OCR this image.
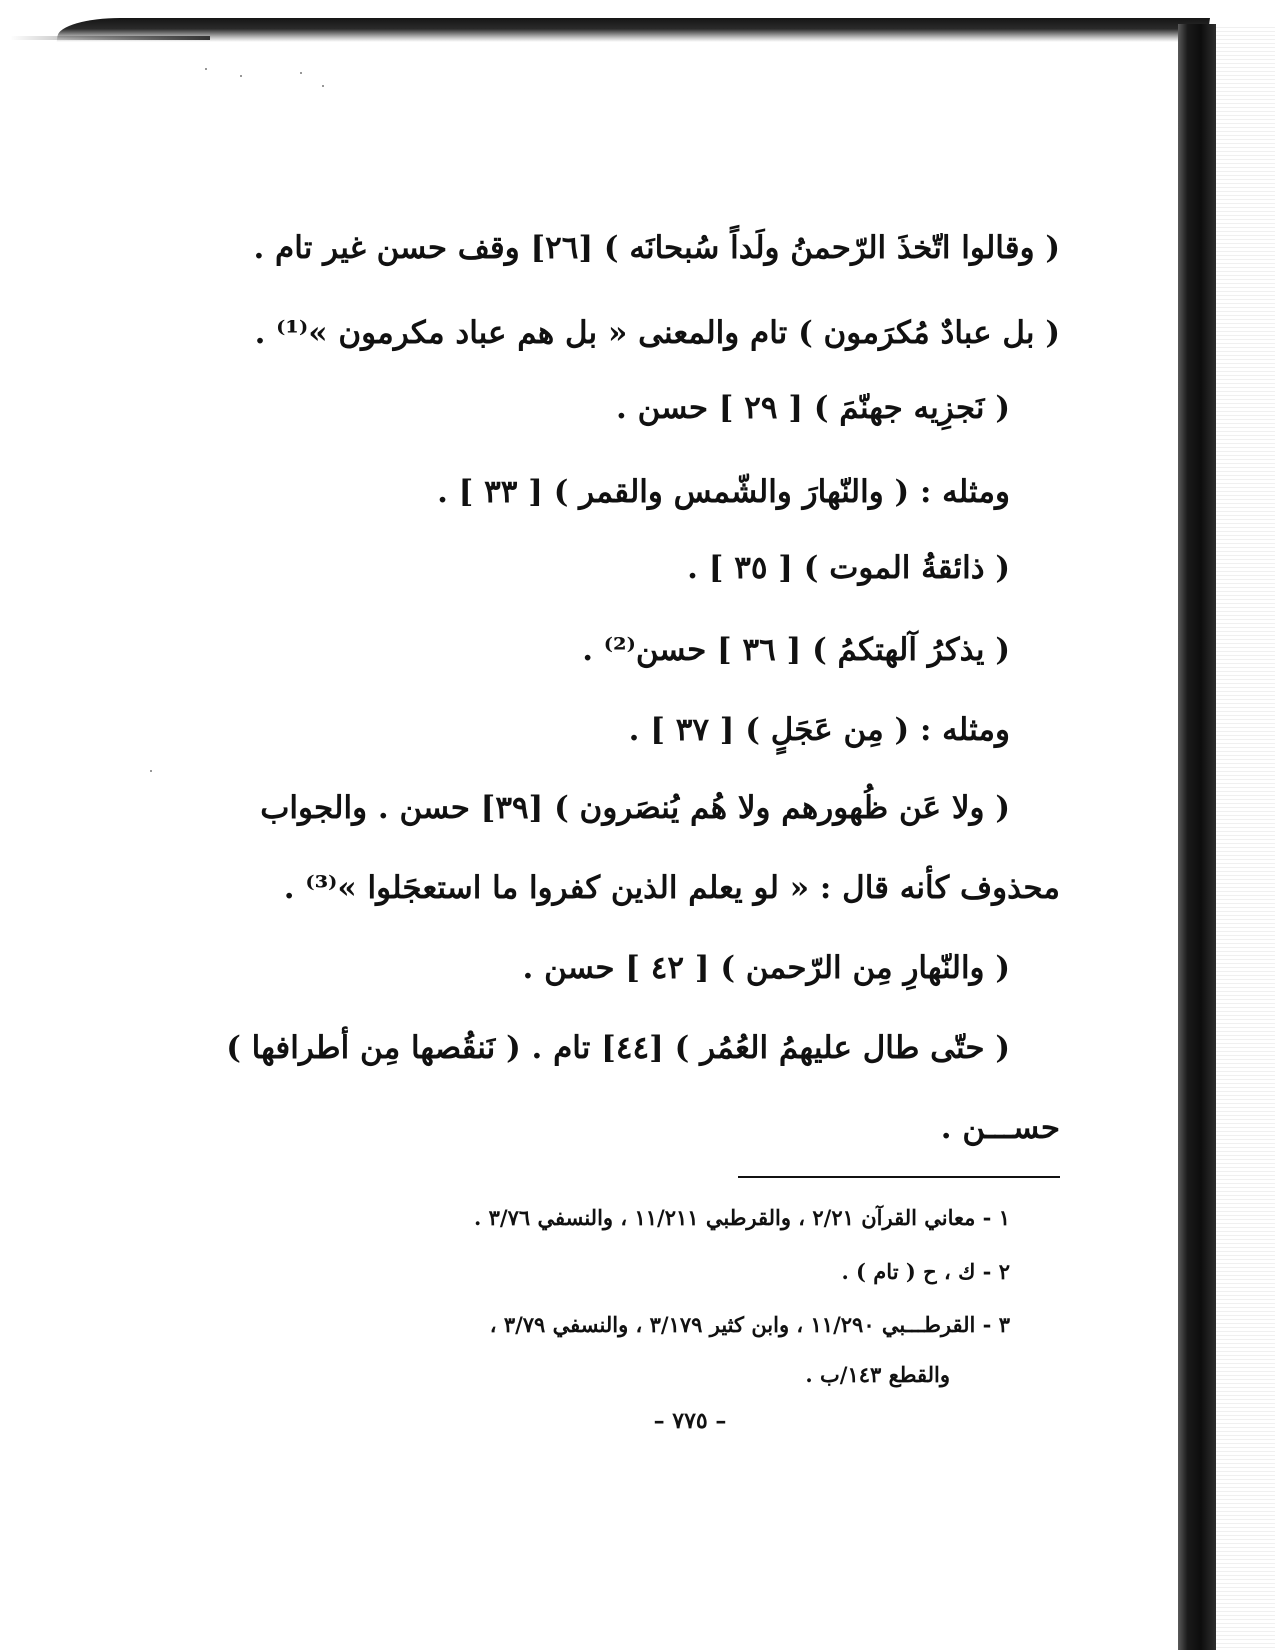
( وقالوا اتّخذَ الرّحمنُ ولَداً سُبحانَه ) [٢٦] وقف حسن غير تام .
( بل عبادٌ مُكرَمون ) تام والمعنى « بل هم عباد مكرمون »⁽¹⁾ .
( نَجزِيه جهنّمَ ) [ ٢٩ ] حسن .
ومثله : ( والنّهارَ والشّمس والقمر ) [ ٣٣ ] .
( ذائقةُ الموت ) [ ٣٥ ] .
( يذكرُ آلهتكمُ ) [ ٣٦ ] حسن⁽²⁾ .
ومثله : ( مِن عَجَلٍ ) [ ٣٧ ] .
( ولا عَن ظُهورهم ولا هُم يُنصَرون ) [٣٩] حسن . والجواب
محذوف كأنه قال : « لو يعلم الذين كفروا ما استعجَلوا »⁽³⁾ .
( والنّهارِ مِن الرّحمن ) [ ٤٢ ] حسن .
( حتّى طال عليهمُ العُمُر ) [٤٤] تام . ( نَنقُصها مِن أطرافها )
حســـن .
١ - معاني القرآن ٢/٢١ ، والقرطبي ١١/٢١١ ، والنسفي ٣/٧٦ .
٢ - ك ، ح ( تام ) .
٣ - القرطـــبي ١١/٢٩٠ ، وابن كثير ٣/١٧٩ ، والنسفي ٣/٧٩ ،
والقطع ١٤٣/ب .
– ٧٧٥ –
